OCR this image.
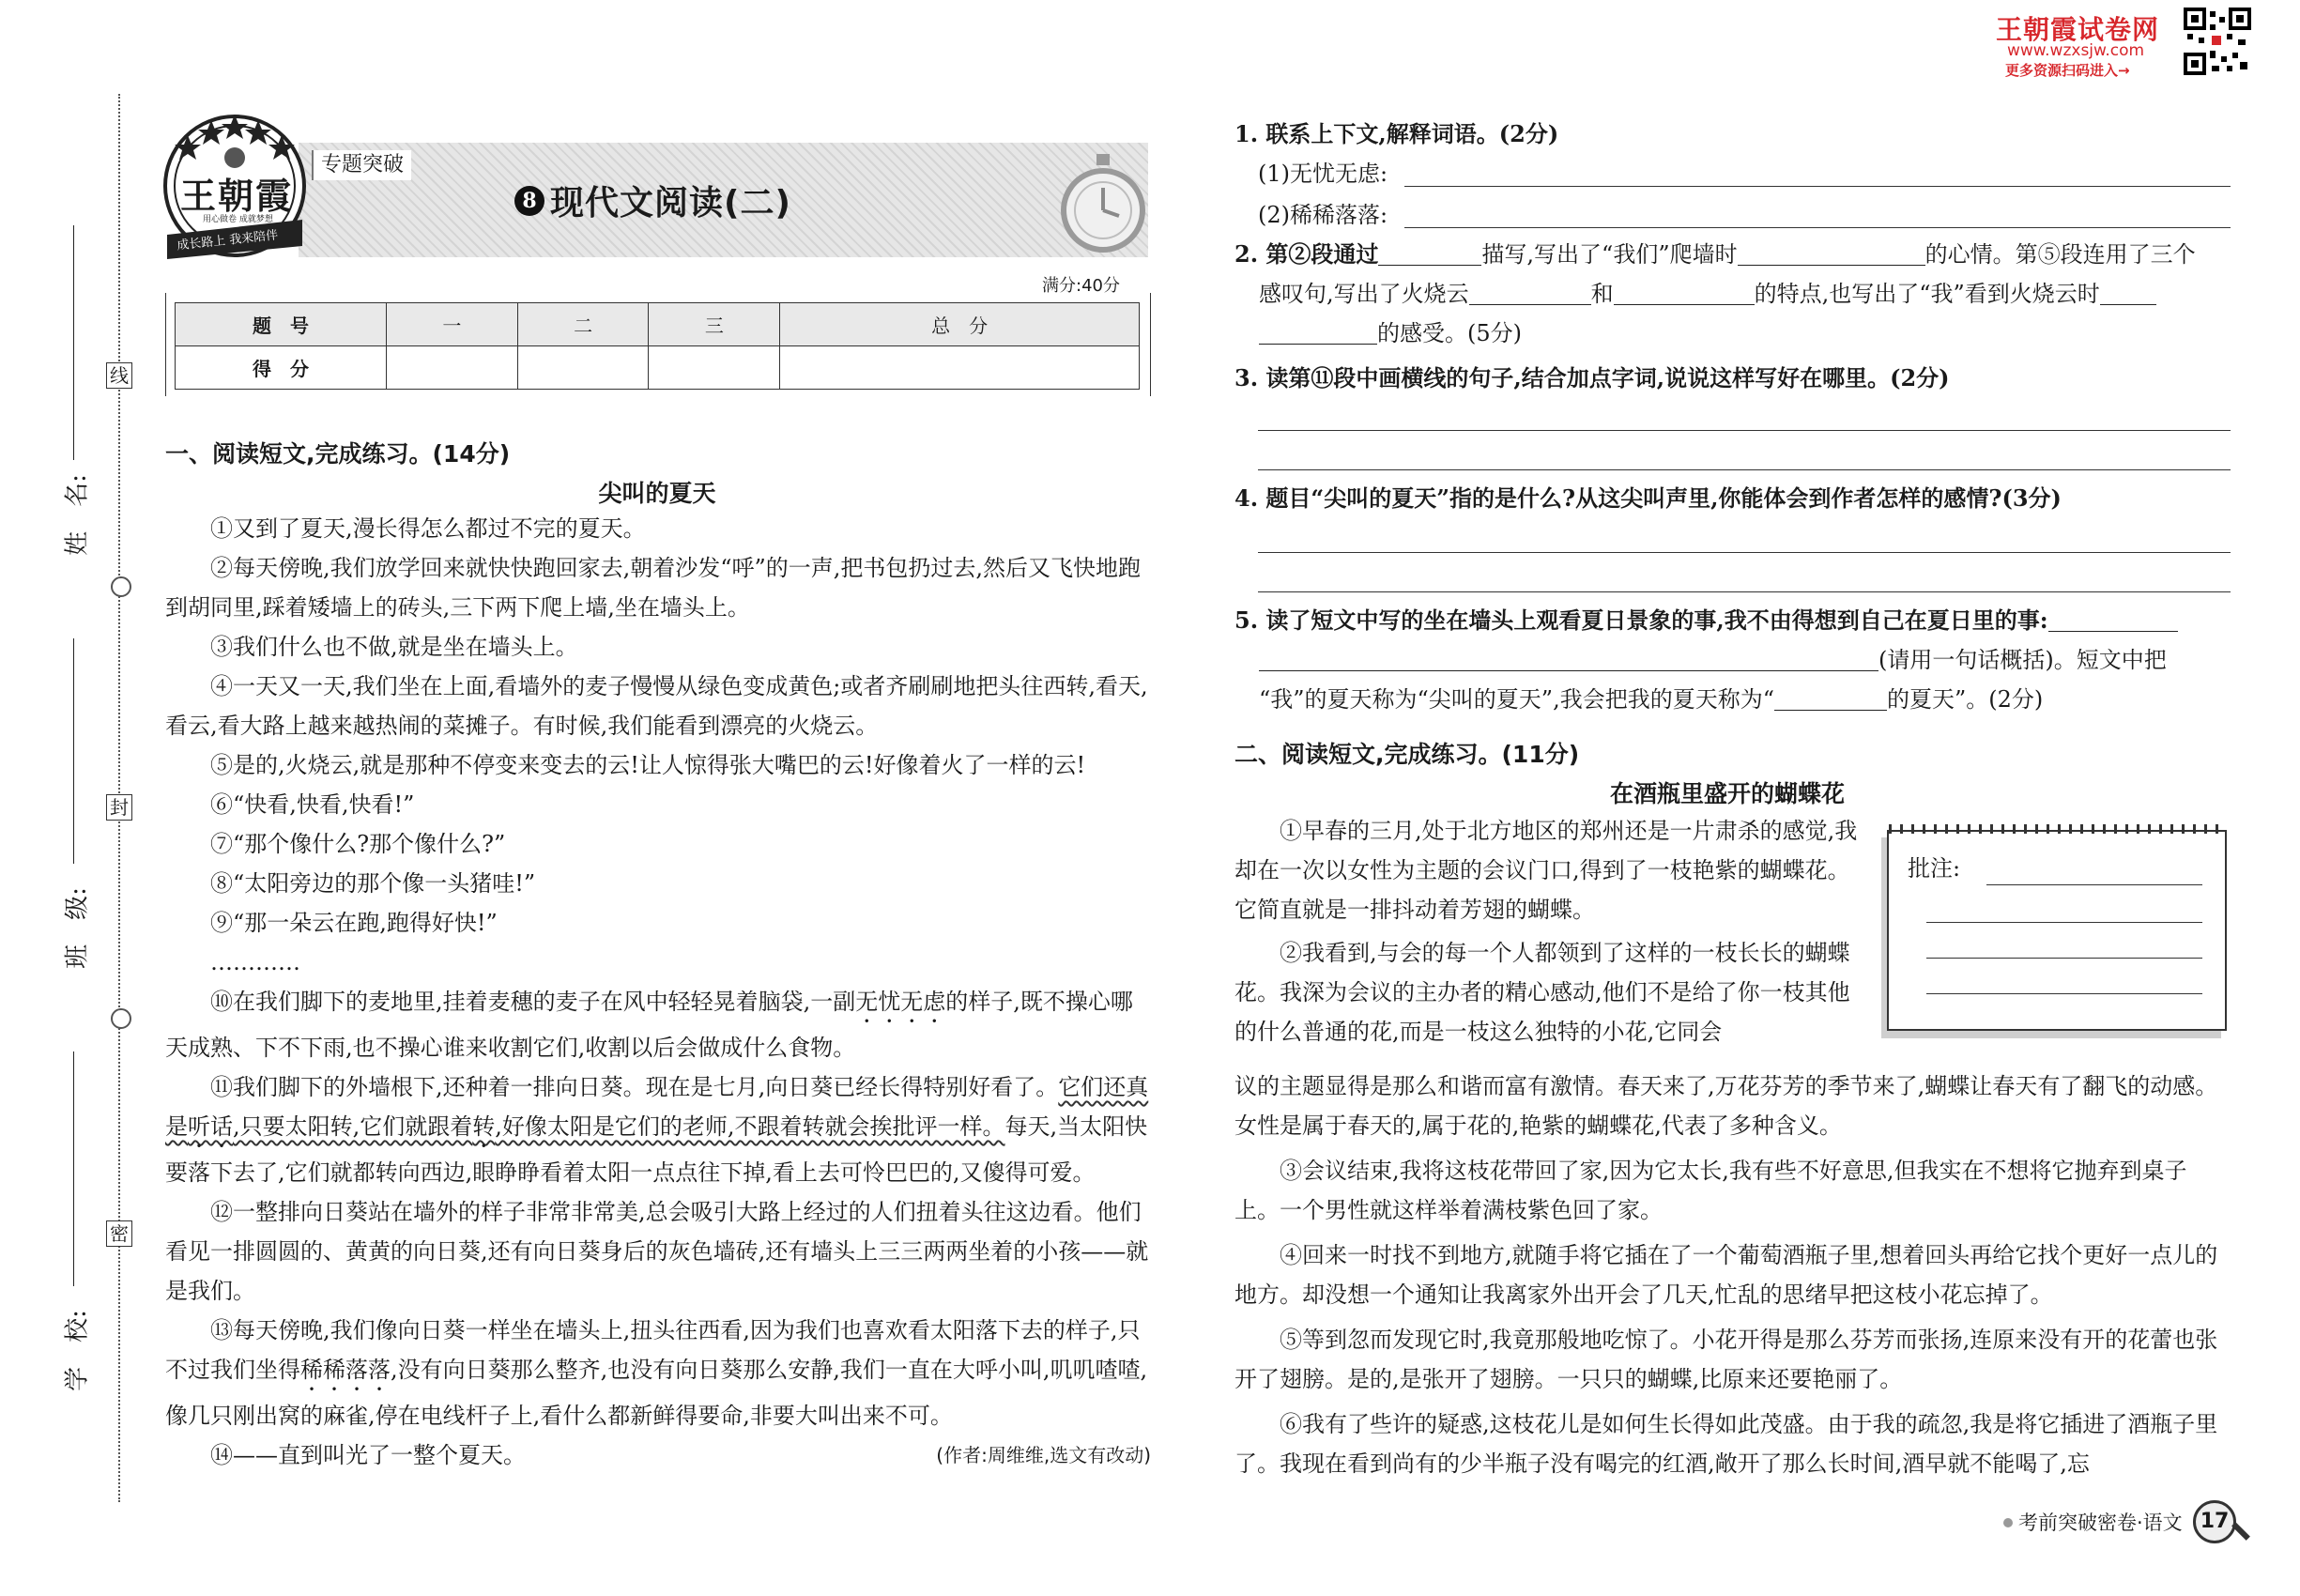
王朝霞试卷网
www.wzxsjw.com
更多资源扫码进入→
线
封
密
姓　名:
班　级:
学　校:
王朝霞
用心做卷 成就梦想
成长路上 我来陪伴
专题突破
8 现代文阅读(二)
满分:40分
题　号	一	二	三	总　分
得　分				
一、阅读短文,完成练习。(14分)
尖叫的夏天
①又到了夏天,漫长得怎么都过不完的夏天。
②每天傍晚,我们放学回来就快快跑回家去,朝着沙发“呼”的一声,把书包扔过去,然后又飞快地跑到胡同里,踩着矮墙上的砖头,三下两下爬上墙,坐在墙头上。
③我们什么也不做,就是坐在墙头上。
④一天又一天,我们坐在上面,看墙外的麦子慢慢从绿色变成黄色;或者齐刷刷地把头往西转,看天,看云,看大路上越来越热闹的菜摊子。有时候,我们能看到漂亮的火烧云。
⑤是的,火烧云,就是那种不停变来变去的云!让人惊得张大嘴巴的云!好像着火了一样的云!
⑥“快看,快看,快看!”
⑦“那个像什么?那个像什么?”
⑧“太阳旁边的那个像一头猪哇!”
⑨“那一朵云在跑,跑得好快!”
…………
⑩在我们脚下的麦地里,挂着麦穗的麦子在风中轻轻晃着脑袋,一副无忧无虑的样子,既不操心哪天成熟、下不下雨,也不操心谁来收割它们,收割以后会做成什么食物。
⑪我们脚下的外墙根下,还种着一排向日葵。现在是七月,向日葵已经长得特别好看了。它们还真是听话,只要太阳转,它们就跟着转,好像太阳是它们的老师,不跟着转就会挨批评一样。每天,当太阳快要落下去了,它们就都转向西边,眼睁睁看着太阳一点点往下掉,看上去可怜巴巴的,又傻得可爱。
⑫一整排向日葵站在墙外的样子非常非常美,总会吸引大路上经过的人们扭着头往这边看。他们看见一排圆圆的、黄黄的向日葵,还有向日葵身后的灰色墙砖,还有墙头上三三两两坐着的小孩——就是我们。
⑬每天傍晚,我们像向日葵一样坐在墙头上,扭头往西看,因为我们也喜欢看太阳落下去的样子,只不过我们坐得稀稀落落,没有向日葵那么整齐,也没有向日葵那么安静,我们一直在大呼小叫,叽叽喳喳,像几只刚出窝的麻雀,停在电线杆子上,看什么都新鲜得要命,非要大叫出来不可。
⑭——直到叫光了一整个夏天。	(作者:周维维,选文有改动)
1. 联系上下文,解释词语。(2分)
(1)无忧无虑:
(2)稀稀落落:
2. 第②段通过	描写,写出了“我们”爬墙时	的心情。第⑤段连用了三个
感叹句,写出了火烧云	和	的特点,也写出了“我”看到火烧云时
的感受。(5分)
3. 读第⑪段中画横线的句子,结合加点字词,说说这样写好在哪里。(2分)
4. 题目“尖叫的夏天”指的是什么?从这尖叫声里,你能体会到作者怎样的感情?(3分)
5. 读了短文中写的坐在墙头上观看夏日景象的事,我不由得想到自己在夏日里的事:
(请用一句话概括)。短文中把
“我”的夏天称为“尖叫的夏天”,我会把我的夏天称为“	的夏天”。(2分)
二、阅读短文,完成练习。(11分)
在酒瓶里盛开的蝴蝶花
①早春的三月,处于北方地区的郑州还是一片肃杀的感觉,我却在一次以女性为主题的会议门口,得到了一枝艳紫的蝴蝶花。它简直就是一排抖动着芳翅的蝴蝶。
②我看到,与会的每一个人都领到了这样的一枝长长的蝴蝶花。我深为会议的主办者的精心感动,他们不是给了你一枝其他的什么普通的花,而是一枝这么独特的小花,它同会
批注:
议的主题显得是那么和谐而富有激情。春天来了,万花芬芳的季节来了,蝴蝶让春天有了翻飞的动感。女性是属于春天的,属于花的,艳紫的蝴蝶花,代表了多种含义。
③会议结束,我将这枝花带回了家,因为它太长,我有些不好意思,但我实在不想将它抛弃到桌子上。一个男性就这样举着满枝紫色回了家。
④回来一时找不到地方,就随手将它插在了一个葡萄酒瓶子里,想着回头再给它找个更好一点儿的地方。却没想一个通知让我离家外出开会了几天,忙乱的思绪早把这枝小花忘掉了。
⑤等到忽而发现它时,我竟那般地吃惊了。小花开得是那么芬芳而张扬,连原来没有开的花蕾也张开了翅膀。是的,是张开了翅膀。一只只的蝴蝶,比原来还要艳丽了。
⑥我有了些许的疑惑,这枝花儿是如何生长得如此茂盛。由于我的疏忽,我是将它插进了酒瓶子里了。我现在看到尚有的少半瓶子没有喝完的红酒,敞开了那么长时间,酒早就不能喝了,忘
考前突破密卷·语文 17
